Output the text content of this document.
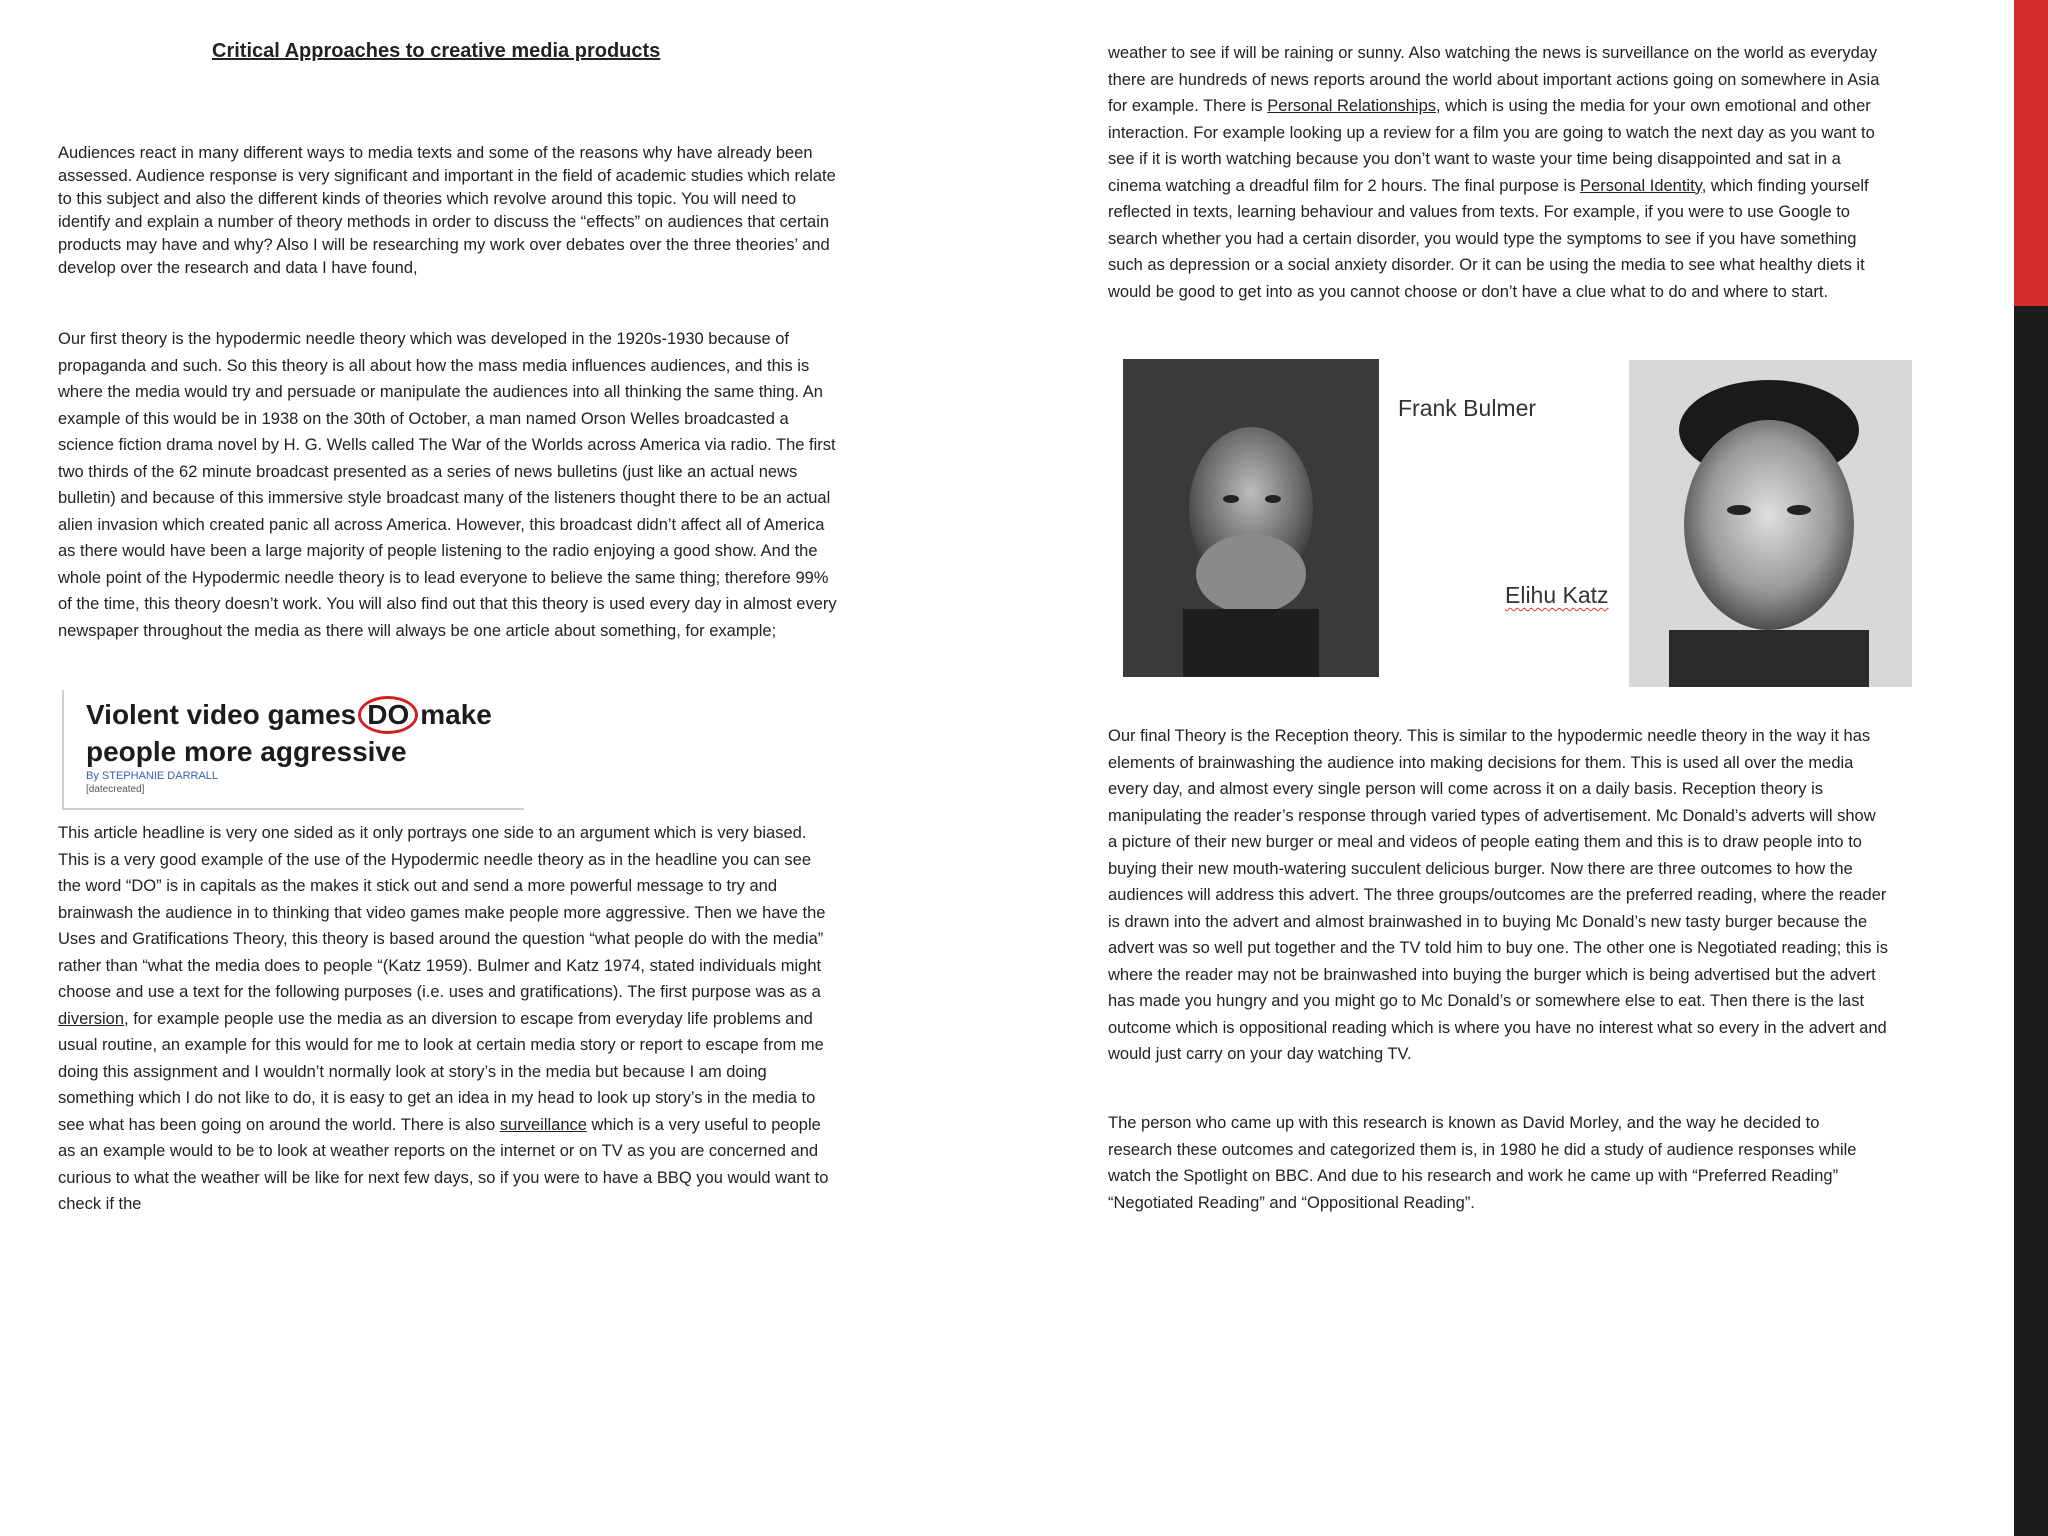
Critical Approaches to creative media products

Audiences react in many different ways to media texts and some of the reasons why have already been assessed. Audience response is very significant and important in the field of academic studies which relate to this subject and also the different kinds of theories which revolve around this topic. You will need to identify and explain a number of theory methods in order to discuss the “effects” on audiences that certain products may have and why? Also I will be researching my work over debates over the three theories’ and develop over the research and data I have found,

Our first theory is the hypodermic needle theory which was developed in the 1920s-1930 because of propaganda and such. So this theory is all about how the mass media influences audiences, and this is where the media would try and persuade or manipulate the audiences into all thinking the same thing. An example of this would be in 1938 on the 30th of October, a man named Orson Welles broadcasted a science fiction drama novel by H. G. Wells called The War of the Worlds across America via radio. The first two thirds of the 62 minute broadcast presented as a series of news bulletins (just like an actual news bulletin) and because of this immersive style broadcast many of the listeners thought there to be an actual alien invasion which created panic all across America. However, this broadcast didn’t affect all of America as there would have been a large majority of people listening to the radio enjoying a good show. And the whole point of the Hypodermic needle theory is to lead everyone to believe the same thing; therefore 99% of the time, this theory doesn’t work. You will also find out that this theory is used every day in almost every newspaper throughout the media as there will always be one article about something, for example;

Violent video games DO make people more aggressive
By STEPHANIE DARRALL
[datecreated]

This article headline is very one sided as it only portrays one side to an argument which is very biased. This is a very good example of the use of the Hypodermic needle theory as in the headline you can see the word “DO” is in capitals as the makes it stick out and send a more powerful message to try and brainwash the audience in to thinking that video games make people more aggressive. Then we have the Uses and Gratifications Theory, this theory is based around the question “what people do with the media” rather than “what the media does to people “(Katz 1959). Bulmer and Katz 1974, stated individuals might choose and use a text for the following purposes (i.e. uses and gratifications). The first purpose was as a diversion, for example people use the media as an diversion to escape from everyday life problems and usual routine, an example for this would for me to look at certain media story or report to escape from me doing this assignment and I wouldn’t normally look at story’s in the media but because I am doing something which I do not like to do, it is easy to get an idea in my head to look up story’s in the media to see what has been going on around the world. There is also surveillance which is a very useful to people as an example would to be to look at weather reports on the internet or on TV as you are concerned and curious to what the weather will be like for next few days, so if you were to have a BBQ you would want to check if the

weather to see if will be raining or sunny. Also watching the news is surveillance on the world as everyday there are hundreds of news reports around the world about important actions going on somewhere in Asia for example. There is Personal Relationships, which is using the media for your own emotional and other interaction. For example looking up a review for a film you are going to watch the next day as you want to see if it is worth watching because you don’t want to waste your time being disappointed and sat in a cinema watching a dreadful film for 2 hours. The final purpose is Personal Identity, which finding yourself reflected in texts, learning behaviour and values from texts. For example, if you were to use Google to search whether you had a certain disorder, you would type the symptoms to see if you have something such as depression or a social anxiety disorder. Or it can be using the media to see what healthy diets it would be good to get into as you cannot choose or don’t have a clue what to do and where to start.

Frank Bulmer
Elihu Katz

Our final Theory is the Reception theory. This is similar to the hypodermic needle theory in the way it has elements of brainwashing the audience into making decisions for them. This is used all over the media every day, and almost every single person will come across it on a daily basis. Reception theory is manipulating the reader’s response through varied types of advertisement. Mc Donald’s adverts will show a picture of their new burger or meal and videos of people eating them and this is to draw people into to buying their new mouth-watering succulent delicious burger. Now there are three outcomes to how the audiences will address this advert. The three groups/outcomes are the preferred reading, where the reader is drawn into the advert and almost brainwashed in to buying Mc Donald’s new tasty burger because the advert was so well put together and the TV told him to buy one. The other one is Negotiated reading; this is where the reader may not be brainwashed into buying the burger which is being advertised but the advert has made you hungry and you might go to Mc Donald’s or somewhere else to eat. Then there is the last outcome which is oppositional reading which is where you have no interest what so every in the advert and would just carry on your day watching TV.

The person who came up with this research is known as David Morley, and the way he decided to research these outcomes and categorized them is, in 1980 he did a study of audience responses while watch the Spotlight on BBC. And due to his research and work he came up with “Preferred Reading” “Negotiated Reading” and “Oppositional Reading”.
